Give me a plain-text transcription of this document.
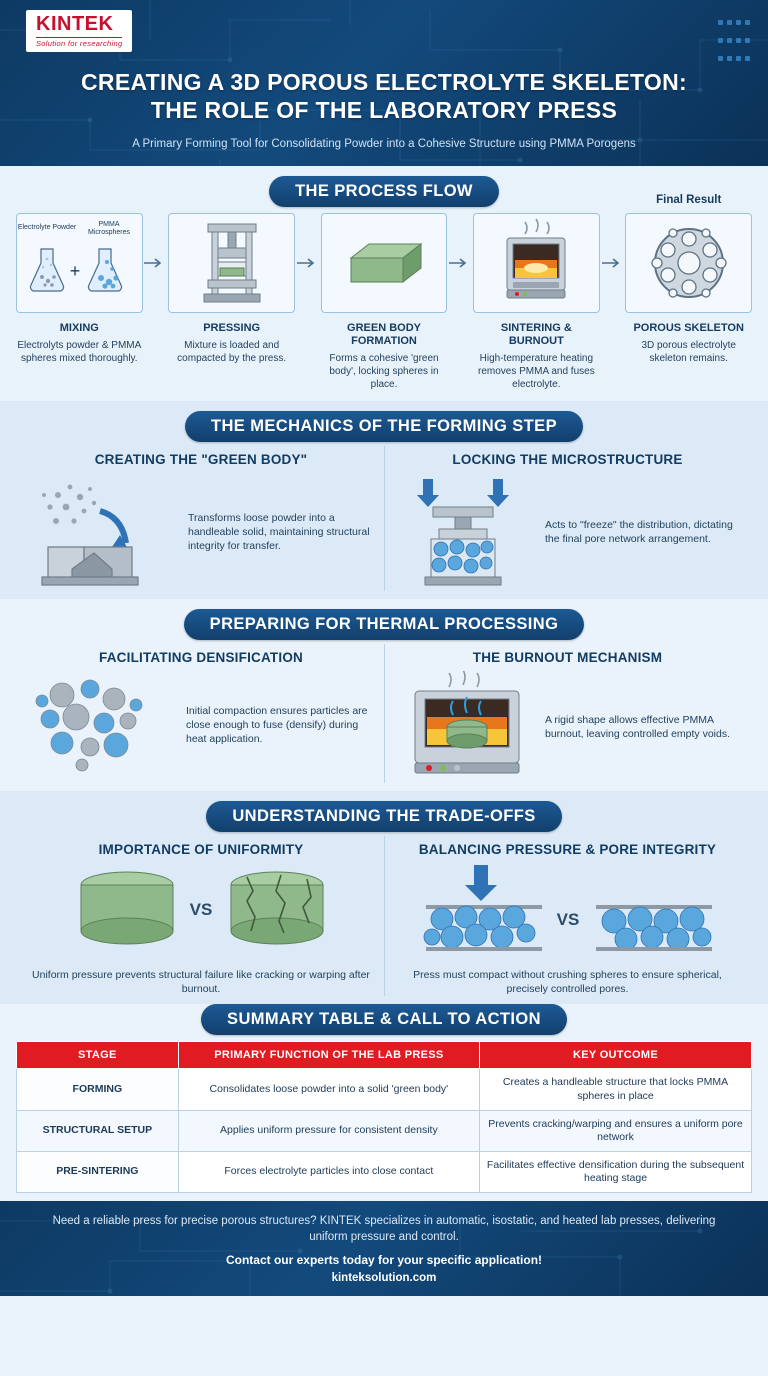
KINTEK
Solution for researching
CREATING A 3D POROUS ELECTROLYTE SKELETON:
THE ROLE OF THE LABORATORY PRESS
A Primary Forming Tool for Consolidating Powder into a Cohesive Structure using PMMA Porogens
THE PROCESS FLOW
Electrolyte Powder	PMMA
Microspheres
+
MIXING
Electrolyts powder & PMMA spheres mixed thoroughly.
PRESSING
Mixture is loaded and compacted by the press.
GREEN BODY FORMATION
Forms a cohesive 'green body', locking spheres in place.
SINTERING & BURNOUT
High-temperature heating removes PMMA and fuses electrolyte.
Final Result
POROUS SKELETON
3D porous electrolyte skeleton remains.
THE MECHANICS OF THE FORMING STEP
CREATING THE "GREEN BODY"

Transforms loose powder into a handleable solid, maintaining structural integrity for transfer.

LOCKING THE MICROSTRUCTURE

Acts to "freeze" the distribution, dictating the final pore network arrangement.

PREPARING FOR THERMAL PROCESSING
FACILITATING DENSIFICATION

Initial compaction ensures particles are close enough to fuse (densify) during heat application.

THE BURNOUT MECHANISM

A rigid shape allows effective PMMA burnout, leaving controlled empty voids.

UNDERSTANDING THE TRADE-OFFS
IMPORTANCE OF UNIFORMITY
VS

Uniform pressure prevents structural failure like cracking or warping after burnout.

BALANCING PRESSURE & PORE INTEGRITY
VS

Press must compact without crushing spheres to ensure spherical, precisely controlled pores.

SUMMARY TABLE & CALL TO ACTION
STAGE	PRIMARY FUNCTION OF THE LAB PRESS	KEY OUTCOME
FORMING	Consolidates loose powder into a solid 'green body'	Creates a handleable structure that locks PMMA spheres in place
STRUCTURAL SETUP	Applies uniform pressure for consistent density	Prevents cracking/warping and ensures a uniform pore network
PRE-SINTERING	Forces electrolyte particles into close contact	Facilitates effective densification during the subsequent heating stage

Need a reliable press for precise porous structures? KINTEK specializes in automatic, isostatic, and heated lab presses, delivering uniform pressure and control.

Contact our experts today for your specific application!

kinteksolution.com
